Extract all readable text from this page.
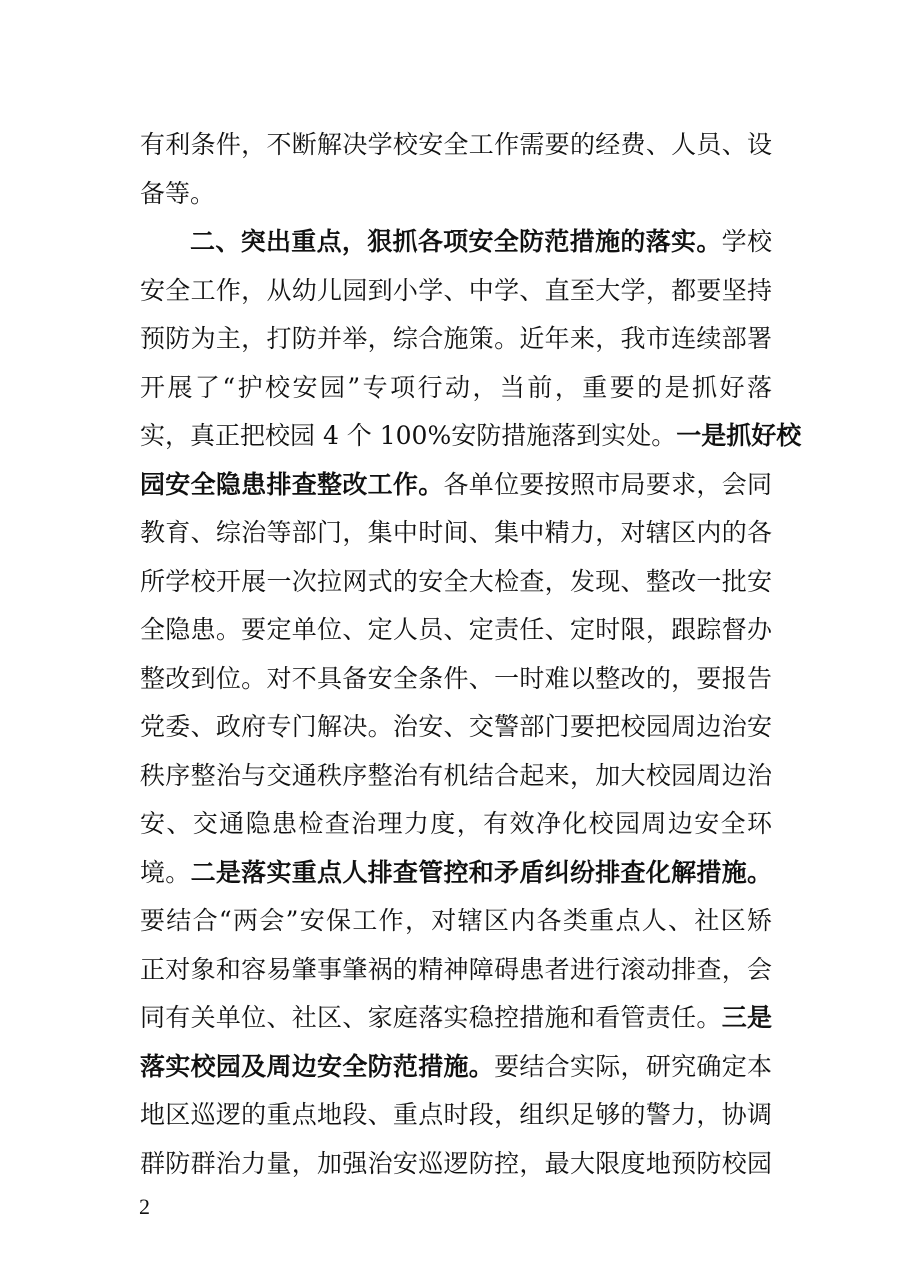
有利条件，不断解决学校安全工作需要的经费、人员、设
备等。
二、突出重点，狠抓各项安全防范措施的落实。学校
安全工作，从幼儿园到小学、中学、直至大学，都要坚持
预防为主，打防并举，综合施策。近年来，我市连续部署
开展了“护校安园”专项行动，当前，重要的是抓好落
实，真正把校园 4 个 100%安防措施落到实处。一是抓好校
园安全隐患排查整改工作。各单位要按照市局要求，会同
教育、综治等部门，集中时间、集中精力，对辖区内的各
所学校开展一次拉网式的安全大检查，发现、整改一批安
全隐患。要定单位、定人员、定责任、定时限，跟踪督办
整改到位。对不具备安全条件、一时难以整改的，要报告
党委、政府专门解决。治安、交警部门要把校园周边治安
秩序整治与交通秩序整治有机结合起来，加大校园周边治
安、交通隐患检查治理力度，有效净化校园周边安全环
境。二是落实重点人排查管控和矛盾纠纷排查化解措施。
要结合“两会”安保工作，对辖区内各类重点人、社区矫
正对象和容易肇事肇祸的精神障碍患者进行滚动排查，会
同有关单位、社区、家庭落实稳控措施和看管责任。三是
落实校园及周边安全防范措施。要结合实际，研究确定本
地区巡逻的重点地段、重点时段，组织足够的警力，协调
群防群治力量，加强治安巡逻防控，最大限度地预防校园
2
